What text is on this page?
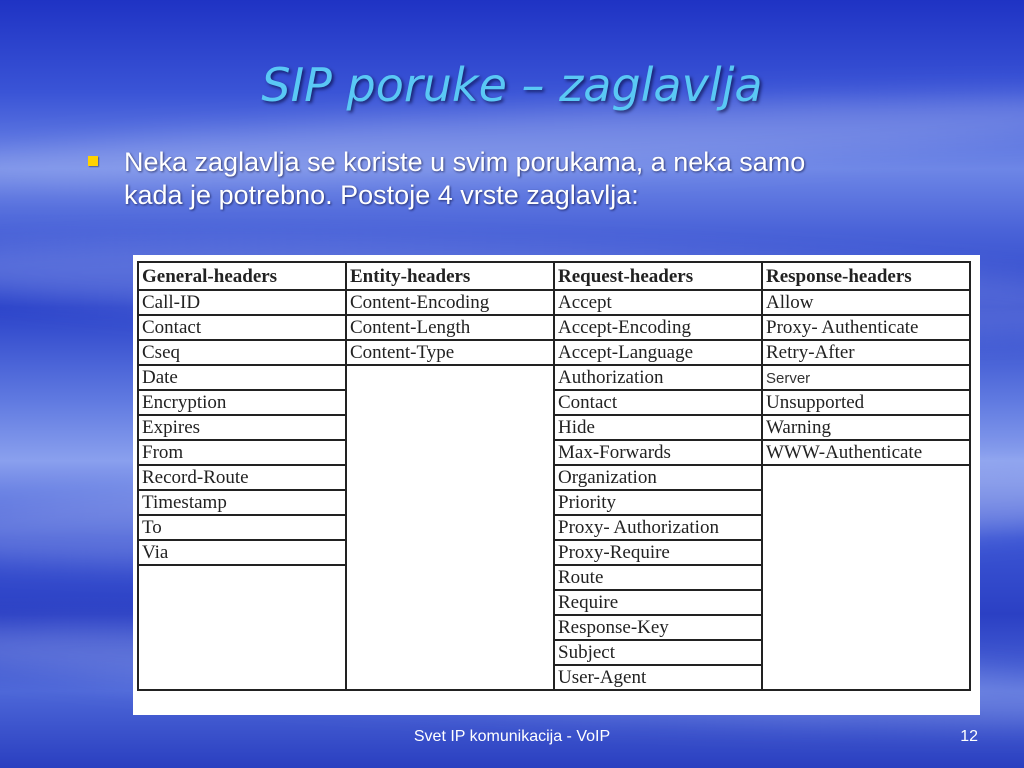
SIP poruke – zaglavlja
Neka zaglavlja se koriste u svim porukama, a neka samo
kada je potrebno. Postoje 4 vrste zaglavlja:
General-headers	Entity-headers	Request-headers	Response-headers
Call-ID	Content-Encoding	Accept	Allow
Contact	Content-Length	Accept-Encoding	Proxy- Authenticate
Cseq	Content-Type	Accept-Language	Retry-After
Date		Authorization	Server
Encryption		Contact	Unsupported
Expires		Hide	Warning
From		Max-Forwards	WWW-Authenticate
Record-Route		Organization	
Timestamp		Priority	
To		Proxy- Authorization	
Via		Proxy-Require	
		Route	
		Require	
		Response-Key	
		Subject	
		User-Agent	
Svet IP komunikacija - VoIP	12
